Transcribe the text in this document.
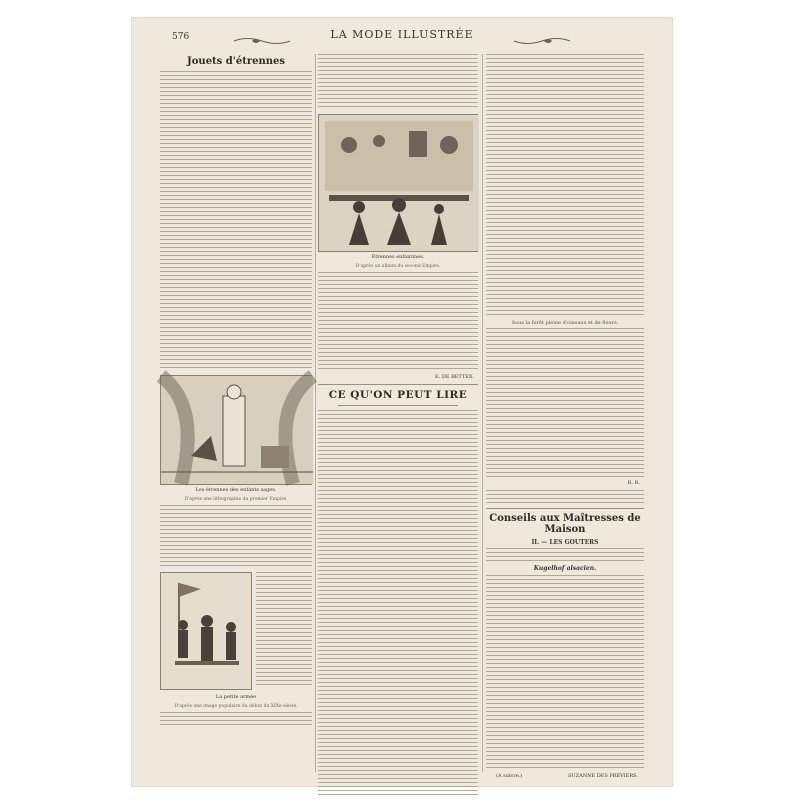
576	LA MODE ILLUSTRÉE
Jouets d'étrennes
Les étrennes des enfants sages.
D'après une lithographie du premier Empire.
La petite armée
D'après une image populaire du début du XIXe siècle.
Étrennes enfantines.
D'après un album du second Empire.
E. DE BETTEX.
CE QU'ON PEUT LIRE
Sous la forêt pleine d'oiseaux et de fleurs.
B. R.
Conseils aux Maîtresses de Maison
II. — LES GOUTERS
Kugelhof alsacien.
(A suivre.)	SUZANNE DES PRÉVIERS.
